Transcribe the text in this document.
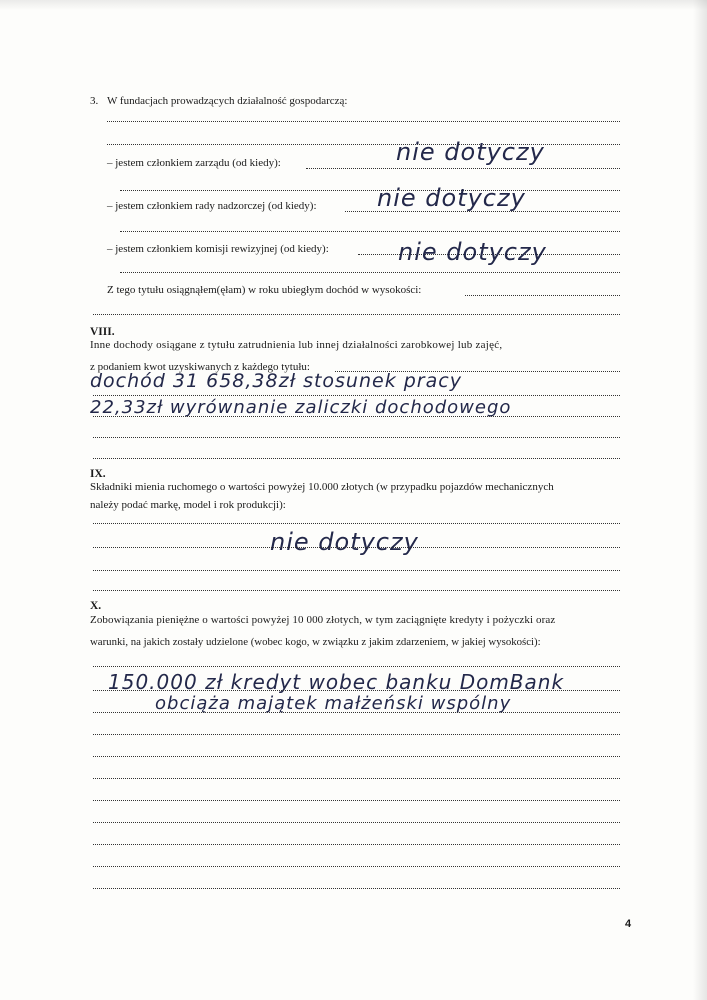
3. W fundacjach prowadzących działalność gospodarczą:
– jestem członkiem zarządu (od kiedy):	nie dotyczy
– jestem członkiem rady nadzorczej (od kiedy):	nie dotyczy
– jestem członkiem komisji rewizyjnej (od kiedy):	nie dotyczy
Z tego tytułu osiągnąłem(ęłam) w roku ubiegłym dochód w wysokości:
VIII.
Inne dochody osiągane z tytułu zatrudnienia lub innej działalności zarobkowej lub zajęć,
z podaniem kwot uzyskiwanych z każdego tytułu:
dochód 31 658,38zł stosunek pracy
22,33zł wyrównanie zaliczki dochodowego
IX.
Składniki mienia ruchomego o wartości powyżej 10.000 złotych (w przypadku pojazdów mechanicznych
należy podać markę, model i rok produkcji):
nie dotyczy
X.
Zobowiązania pieniężne o wartości powyżej 10 000 złotych, w tym zaciągnięte kredyty i pożyczki oraz
warunki, na jakich zostały udzielone (wobec kogo, w związku z jakim zdarzeniem, w jakiej wysokości):
150.000 zł kredyt wobec banku DomBank
obciąża majątek małżeński wspólny
4
